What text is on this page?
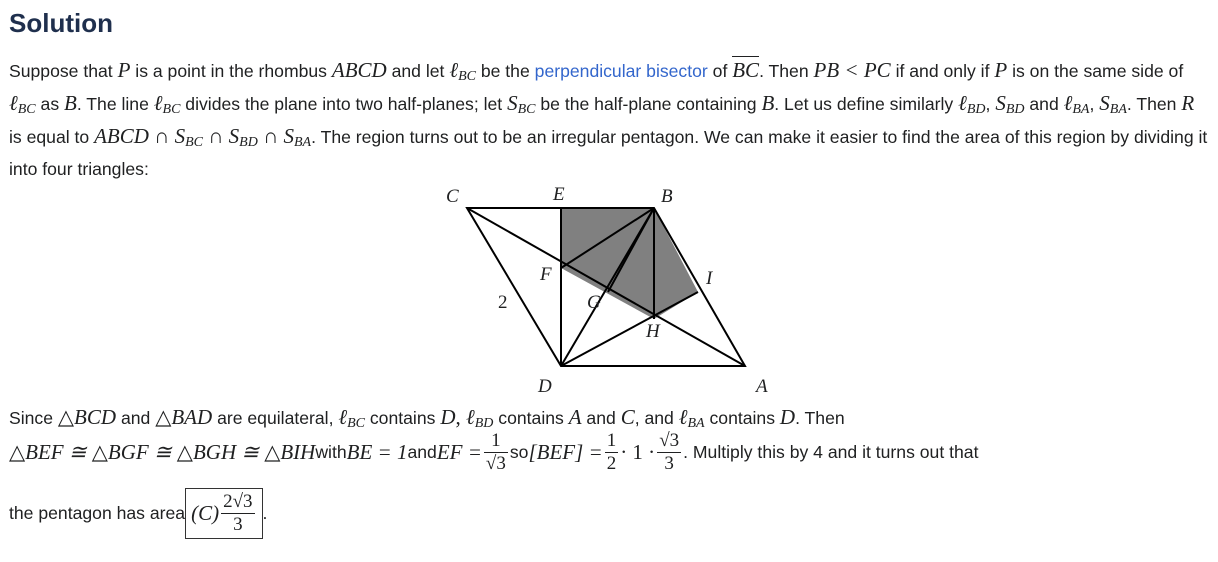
Solution
Suppose that P is a point in the rhombus ABCD and let ℓ$_{BC}$ be the perpendicular bisector of BC. Then PB < PC if and only if P is on the same side of ℓ$_{BC}$ as B. The line ℓ$_{BC}$ divides the plane into two half-planes; let $S_{BC}$ be the half-plane containing B. Let us define similarly ℓ$_{BD}$, $S_{BD}$ and ℓ$_{BA}$, $S_{BA}$. Then R is equal to ABCD ∩ $S_{BC}$ ∩ $S_{BD}$ ∩ $S_{BA}$. The region turns out to be an irregular pentagon. We can make it easier to find the area of this region by dividing it into four triangles:
C	E	B
F	I
G
H
D	A
2
Since △BCD and △BAD are equilateral, ℓ$_{BC}$ contains D, ℓ$_{BD}$ contains A and C, and ℓ$_{BA}$ contains D. Then
△BEF ≅ △BGF ≅ △BGH ≅ △BIHwithBE = 1andEF = $\frac{1}{√3} so[BEF] = \frac{1}{2} \cdot 1 \cdot \frac{√3}{3}$ . Multiply this by 4 and it turns out that
the pentagon has area(C) $\frac{2√3}{3}$ .
